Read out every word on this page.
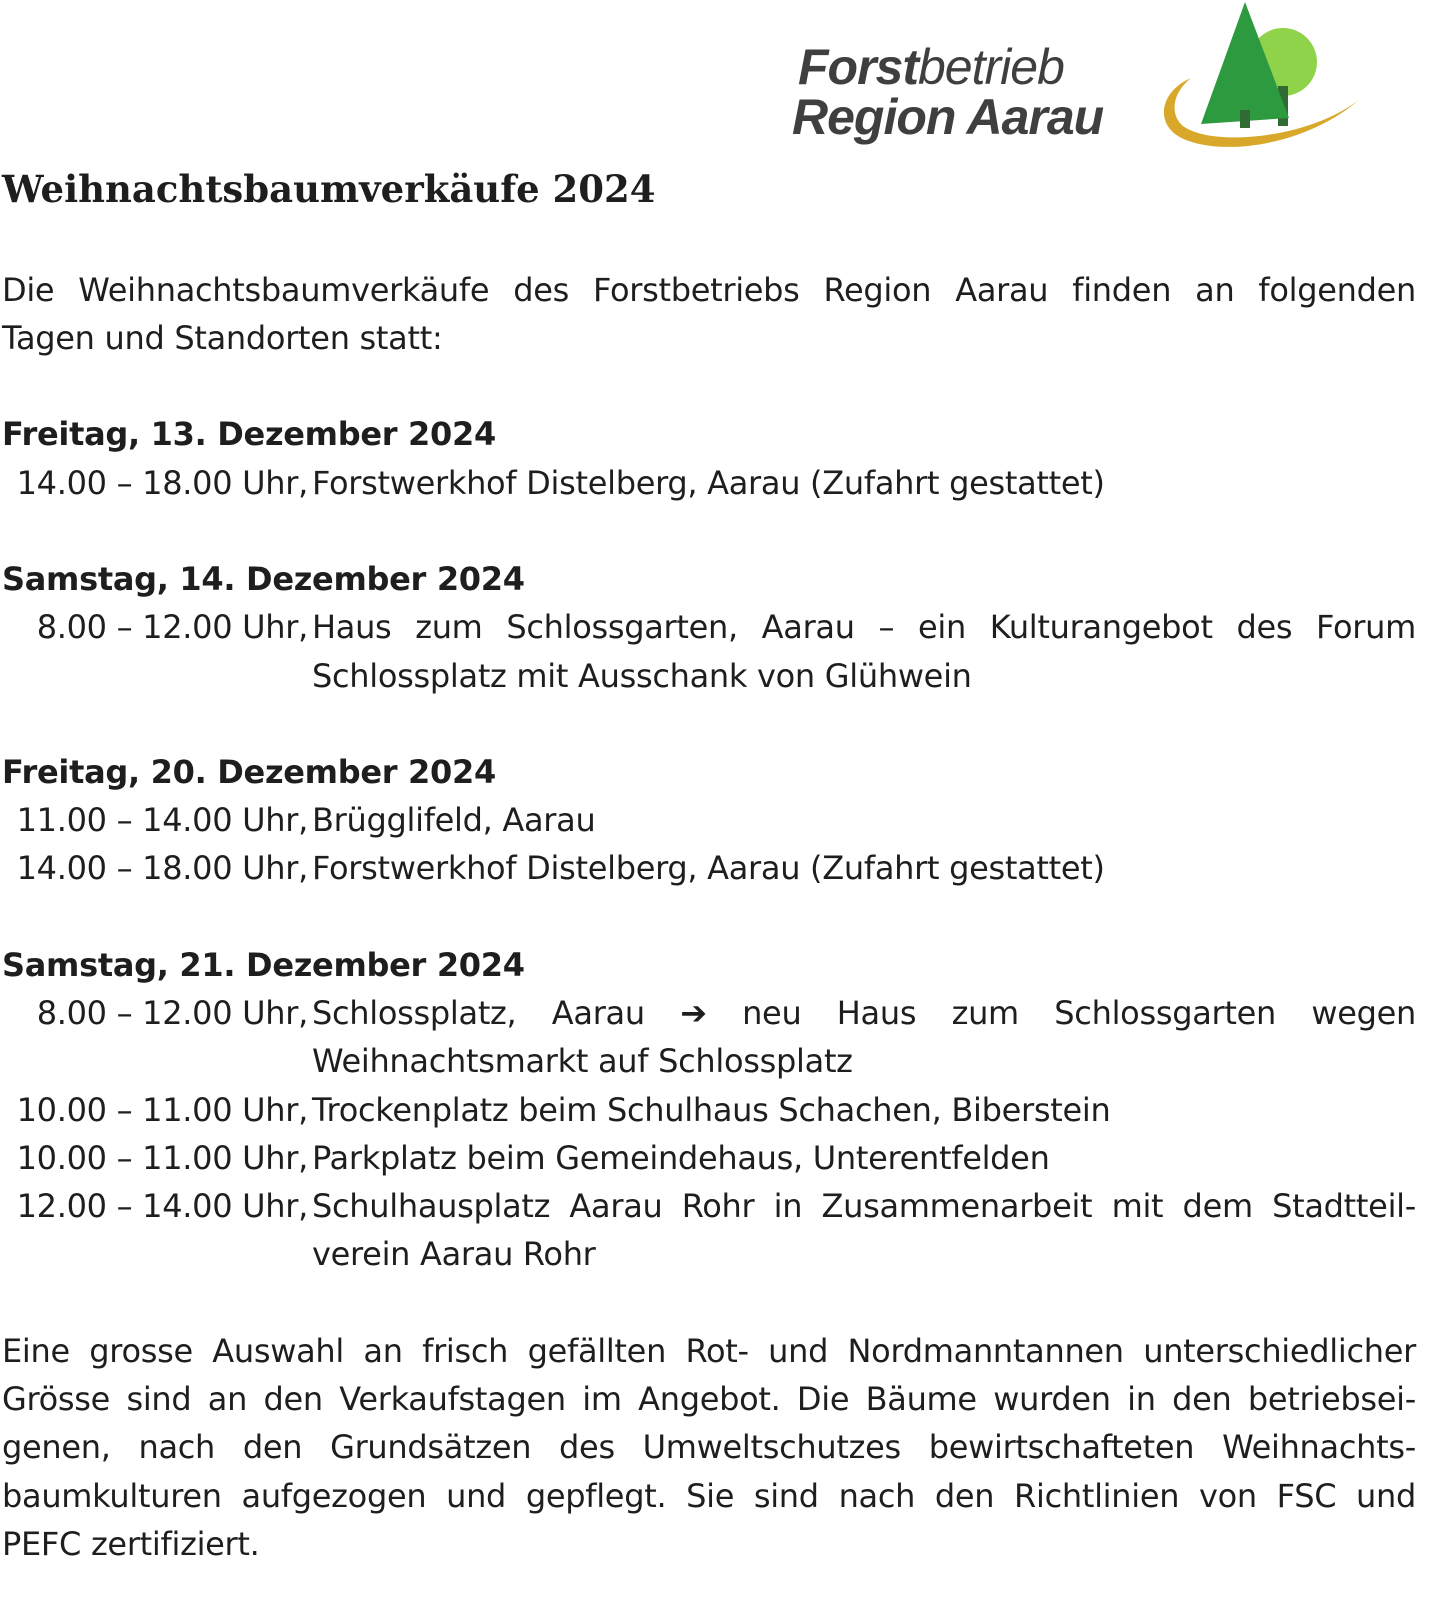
Forstbetrieb
Region Aarau
Weihnachtsbaumverkäufe 2024
Die Weihnachtsbaumverkäufe des Forstbetriebs Region Aarau finden an folgenden
Tagen und Standorten statt:
Freitag, 13. Dezember 2024
14.00 – 18.00 Uhr, Forstwerkhof Distelberg, Aarau (Zufahrt gestattet)
Samstag, 14. Dezember 2024
8.00 – 12.00 Uhr, Haus zum Schlossgarten, Aarau – ein Kulturangebot des Forum
Schlossplatz mit Ausschank von Glühwein
Freitag, 20. Dezember 2024
11.00 – 14.00 Uhr, Brügglifeld, Aarau
14.00 – 18.00 Uhr, Forstwerkhof Distelberg, Aarau (Zufahrt gestattet)
Samstag, 21. Dezember 2024
8.00 – 12.00 Uhr, Schlossplatz, Aarau ➔ neu Haus zum Schlossgarten wegen
Weihnachtsmarkt auf Schlossplatz
10.00 – 11.00 Uhr, Trockenplatz beim Schulhaus Schachen, Biberstein
10.00 – 11.00 Uhr, Parkplatz beim Gemeindehaus, Unterentfelden
12.00 – 14.00 Uhr, Schulhausplatz Aarau Rohr in Zusammenarbeit mit dem Stadtteil-
verein Aarau Rohr
Eine grosse Auswahl an frisch gefällten Rot- und Nordmanntannen unterschiedlicher
Grösse sind an den Verkaufstagen im Angebot. Die Bäume wurden in den betriebsei-
genen, nach den Grundsätzen des Umweltschutzes bewirtschafteten Weihnachts-
baumkulturen aufgezogen und gepflegt. Sie sind nach den Richtlinien von FSC und
PEFC zertifiziert.
